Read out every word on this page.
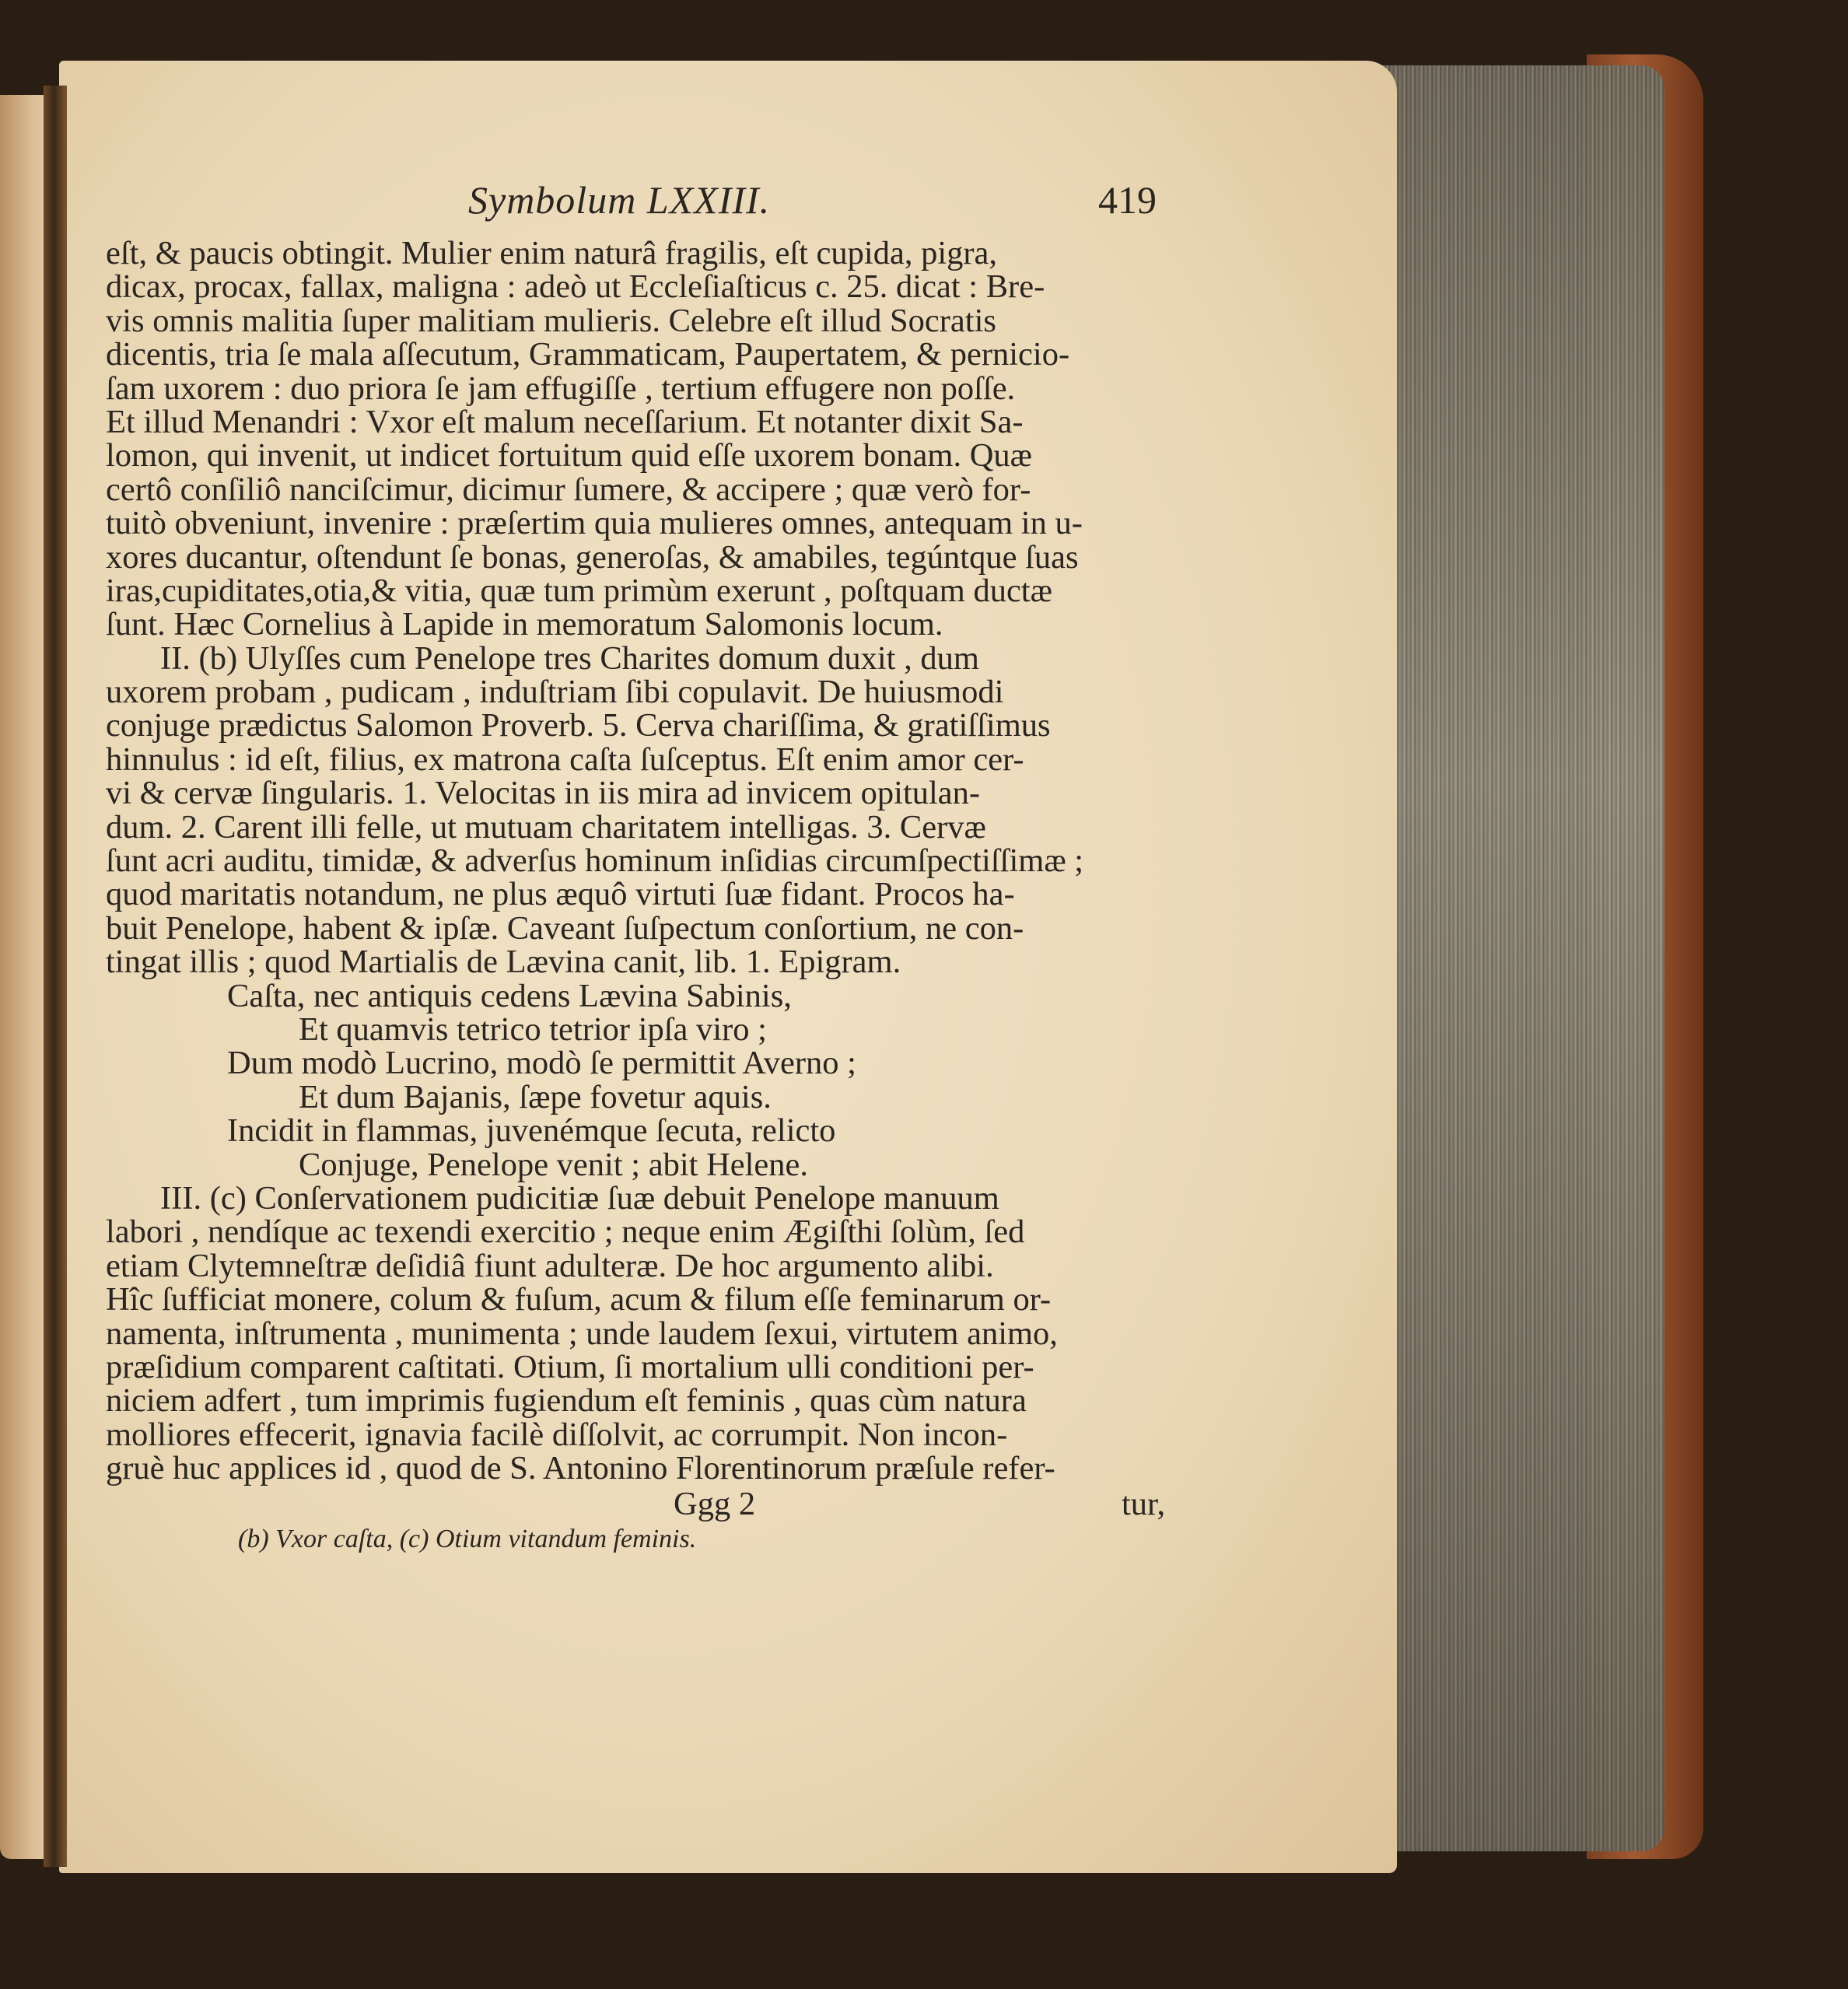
Symbolum LXXIII.	419
eſt, & paucis obtingit. Mulier enim naturâ fragilis, eſt cupida, pigra,
dicax, procax, fallax, maligna : adeò ut Eccleſiaſticus c. 25. dicat : Bre-
vis omnis malitia ſuper malitiam mulieris. Celebre eſt illud Socratis
dicentis, tria ſe mala aſſecutum, Grammaticam, Paupertatem, & pernicio-
ſam uxorem : duo priora ſe jam effugiſſe , tertium effugere non poſſe.
Et illud Menandri : Vxor eſt malum neceſſarium. Et notanter dixit Sa-
lomon, qui invenit, ut indicet fortuitum quid eſſe uxorem bonam. Quæ
certô conſiliô nanciſcimur, dicimur ſumere, & accipere ; quæ verò for-
tuitò obveniunt, invenire : præſertim quia mulieres omnes, antequam in u-
xores ducantur, oſtendunt ſe bonas, generoſas, & amabiles, tegúntque ſuas
iras,cupiditates,otia,& vitia, quæ tum primùm exerunt , poſtquam ductæ
ſunt. Hæc Cornelius à Lapide in memoratum Salomonis locum.
II. (b) Ulyſſes cum Penelope tres Charites domum duxit , dum
uxorem probam , pudicam , induſtriam ſibi copulavit. De huiusmodi
conjuge prædictus Salomon Proverb. 5. Cerva chariſſima, & gratiſſimus
hinnulus : id eſt, filius, ex matrona caſta ſuſceptus. Eſt enim amor cer-
vi & cervæ ſingularis. 1. Velocitas in iis mira ad invicem opitulan-
dum. 2. Carent illi felle, ut mutuam charitatem intelligas. 3. Cervæ
ſunt acri auditu, timidæ, & adverſus hominum inſidias circumſpectiſſimæ ;
quod maritatis notandum, ne plus æquô virtuti ſuæ fidant. Procos ha-
buit Penelope, habent & ipſæ. Caveant ſuſpectum conſortium, ne con-
tingat illis ; quod Martialis de Lævina canit, lib. 1. Epigram.
Caſta, nec antiquis cedens Lævina Sabinis,
Et quamvis tetrico tetrior ipſa viro ;
Dum modò Lucrino, modò ſe permittit Averno ;
Et dum Bajanis, ſæpe fovetur aquis.
Incidit in flammas, juvenémque ſecuta, relicto
Conjuge, Penelope venit ; abit Helene.
III. (c) Conſervationem pudicitiæ ſuæ debuit Penelope manuum
labori , nendíque ac texendi exercitio ; neque enim Ægiſthi ſolùm, ſed
etiam Clytemneſtræ deſidiâ fiunt adulteræ. De hoc argumento alibi.
Hîc ſufficiat monere, colum & fuſum, acum & filum eſſe feminarum or-
namenta, inſtrumenta , munimenta ; unde laudem ſexui, virtutem animo,
præſidium comparent caſtitati. Otium, ſi mortalium ulli conditioni per-
niciem adfert , tum imprimis fugiendum eſt feminis , quas cùm natura
molliores effecerit, ignavia facilè diſſolvit, ac corrumpit. Non incon-
gruè huc applices id , quod de S. Antonino Florentinorum præſule refer-
Ggg 2	tur,
(b) Vxor caſta, (c) Otium vitandum feminis.
